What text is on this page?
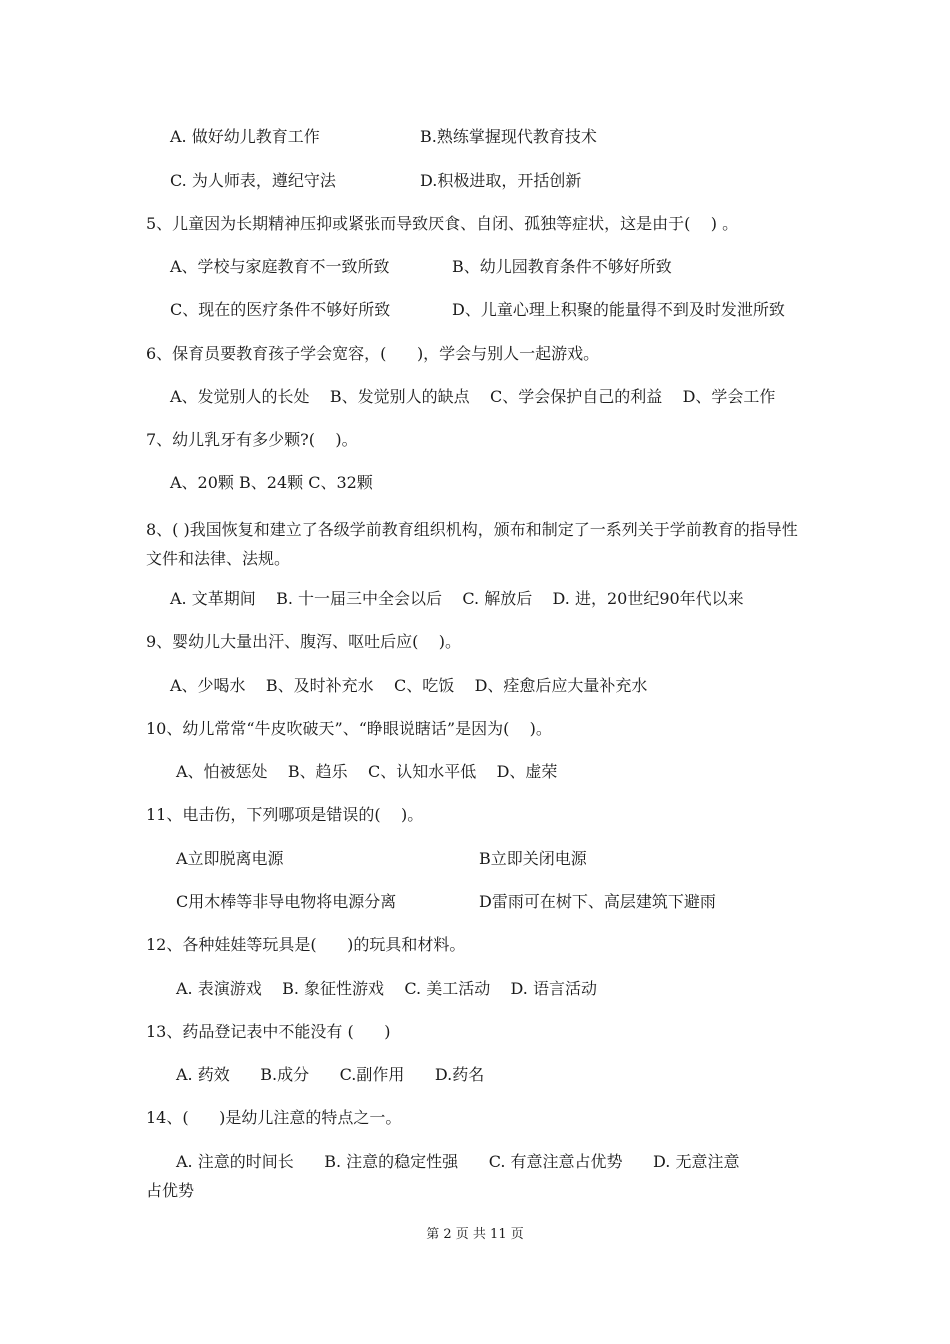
A. 做好幼儿教育工作	B.熟练掌握现代教育技术
C. 为人师表，遵纪守法	D.积极进取，开括创新
5、儿童因为长期精神压抑或紧张而导致厌食、自闭、孤独等症状，这是由于(    ) 。
A、学校与家庭教育不一致所致	B、幼儿园教育条件不够好所致
C、现在的医疗条件不够好所致	D、儿童心理上积聚的能量得不到及时发泄所致
6、保育员要教育孩子学会宽容，(      )，学会与别人一起游戏。
A、发觉别人的长处    B、发觉别人的缺点    C、学会保护自己的利益    D、学会工作
7、幼儿乳牙有多少颗?(    )。
A、20颗 B、24颗 C、32颗
8、( )我国恢复和建立了各级学前教育组织机构，颁布和制定了一系列关于学前教育的指导性文件和法律、法规。
A. 文革期间    B. 十一届三中全会以后    C. 解放后    D. 进，20世纪90年代以来
9、婴幼儿大量出汗、腹泻、呕吐后应(    )。
A、少喝水    B、及时补充水    C、吃饭    D、痊愈后应大量补充水
10、幼儿常常“牛皮吹破天”、“睁眼说瞎话”是因为(    )。
A、怕被惩处    B、趋乐    C、认知水平低    D、虚荣
11、电击伤，下列哪项是错误的(    )。
A立即脱离电源	B立即关闭电源
C用木棒等非导电物将电源分离	D雷雨可在树下、高层建筑下避雨
12、各种娃娃等玩具是(      )的玩具和材料。
A. 表演游戏    B. 象征性游戏    C. 美工活动    D. 语言活动
13、药品登记表中不能没有 (      )
A. 药效      B.成分      C.副作用      D.药名
14、(      )是幼儿注意的特点之一。
A. 注意的时间长      B. 注意的稳定性强      C. 有意注意占优势      D. 无意注意
占优势
第 2 页 共 11 页
